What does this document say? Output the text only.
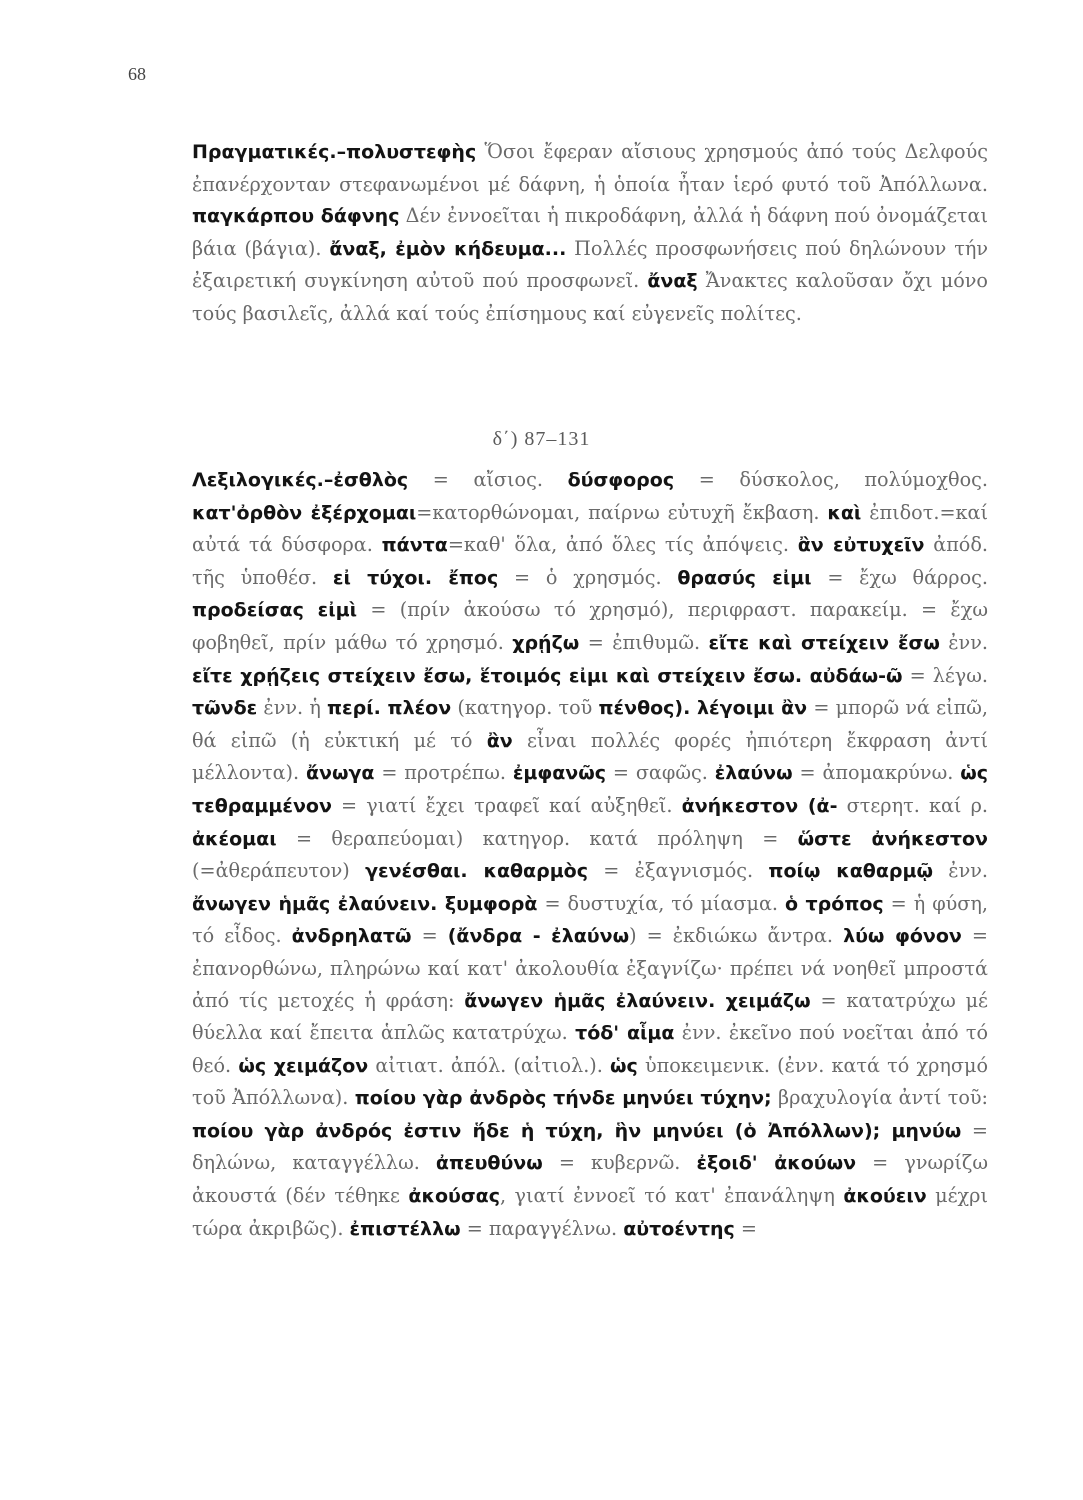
68
Πραγματικές.–πολυστεφὴς Ὅσοι ἔφεραν αἴσιους χρησμούς ἀπό τούς Δελφούς ἐπανέρχονταν στεφανωμένοι μέ δάφνη, ἡ ὁποία ἦταν ἱερό φυτό τοῦ Ἀπόλλωνα. παγκάρπου δάφνης Δέν ἐννοεῖται ἡ πικροδάφνη, ἀλλά ἡ δάφνη πού ὀνομάζεται βάια (βάγια). ἄναξ, ἐμὸν κήδευμα... Πολλές προσφωνήσεις πού δηλώνουν τήν ἐξαιρετική συγκίνηση αὐτοῦ πού προσφωνεῖ. ἄναξ Ἄνακτες καλοῦσαν ὄχι μόνο τούς βασιλεῖς, ἀλλά καί τούς ἐπίσημους καί εὐγενεῖς πολίτες.
δ΄) 87–131
Λεξιλογικές.–ἐσθλὸς = αἴσιος. δύσφορος = δύσκολος, πολύμοχθος. κατ'ὀρθὸν ἐξέρχομαι=κατορθώνομαι, παίρνω εὐτυχῆ ἔκβαση. καὶ ἐπιδοτ.=καί αὐτά τά δύσφορα. πάντα=καθ' ὅλα, ἀπό ὅλες τίς ἀπόψεις. ἂν εὐτυχεῖν ἀπόδ. τῆς ὑποθέσ. εἰ τύχοι. ἔπος = ὁ χρησμός. θρασύς εἰμι = ἔχω θάρρος. προδείσας εἰμὶ = (πρίν ἀκούσω τό χρησμό), περιφραστ. παρακείμ. = ἔχω φοβηθεῖ, πρίν μάθω τό χρησμό. χρῄζω = ἐπιθυμῶ. εἴτε καὶ στείχειν ἔσω ἐνν. εἴτε χρῄζεις στείχειν ἔσω, ἕτοιμός εἰμι καὶ στείχειν ἔσω. αὐδάω-ῶ = λέγω. τῶνδε ἐνν. ἡ περί. πλέον (κατηγορ. τοῦ πένθος). λέγοιμι ἂν = μπορῶ νά εἰπῶ, θά εἰπῶ (ἡ εὐκτική μέ τό ἂν εἶναι πολλές φορές ἠπιότερη ἔκφραση ἀντί μέλλοντα). ἄνωγα = προτρέπω. ἐμφανῶς = σαφῶς. ἐλαύνω = ἀπομακρύνω. ὡς τεθραμμένον = γιατί ἔχει τραφεῖ καί αὐξηθεῖ. ἀνήκεστον (ἀ- στερητ. καί ρ. ἀκέομαι = θεραπεύομαι) κατηγορ. κατά πρόληψη = ὥστε ἀνήκεστον (=ἀθεράπευτον) γενέσθαι. καθαρμὸς = ἐξαγνισμός. ποίῳ καθαρμῷ ἐνν. ἄνωγεν ἡμᾶς ἐλαύνειν. ξυμφορὰ = δυστυχία, τό μίασμα. ὁ τρόπος = ἡ φύση, τό εἶδος. ἀνδρηλατῶ = (ἄνδρα - ἐλαύνω) = ἐκδιώκω ἄντρα. λύω φόνον = ἐπανορθώνω, πληρώνω καί κατ' ἀκολουθία ἐξαγνίζω· πρέπει νά νοηθεῖ μπροστά ἀπό τίς μετοχές ἡ φράση: ἄνωγεν ἡμᾶς ἐλαύνειν. χειμάζω = κατατρύχω μέ θύελλα καί ἔπειτα ἁπλῶς κατατρύχω. τόδ' αἷμα ἐνν. ἐκεῖνο πού νοεῖται ἀπό τό θεό. ὡς χειμάζον αἰτιατ. ἀπόλ. (αἰτιολ.). ὡς ὑποκειμενικ. (ἐνν. κατά τό χρησμό τοῦ Ἀπόλλωνα). ποίου γὰρ ἀνδρὸς τήνδε μηνύει τύχην; βραχυλογία ἀντί τοῦ: ποίου γὰρ ἀνδρός ἐστιν ἥδε ἡ τύχη, ἣν μηνύει (ὁ Ἀπόλλων); μηνύω = δηλώνω, καταγγέλλω. ἀπευθύνω = κυβερνῶ. ἐξοιδ' ἀκούων = γνωρίζω ἀκουστά (δέν τέθηκε ἀκούσας, γιατί ἐννοεῖ τό κατ' ἐπανάληψη ἀκούειν μέχρι τώρα ἀκριβῶς). ἐπιστέλλω = παραγγέλνω. αὐτοέντης =
